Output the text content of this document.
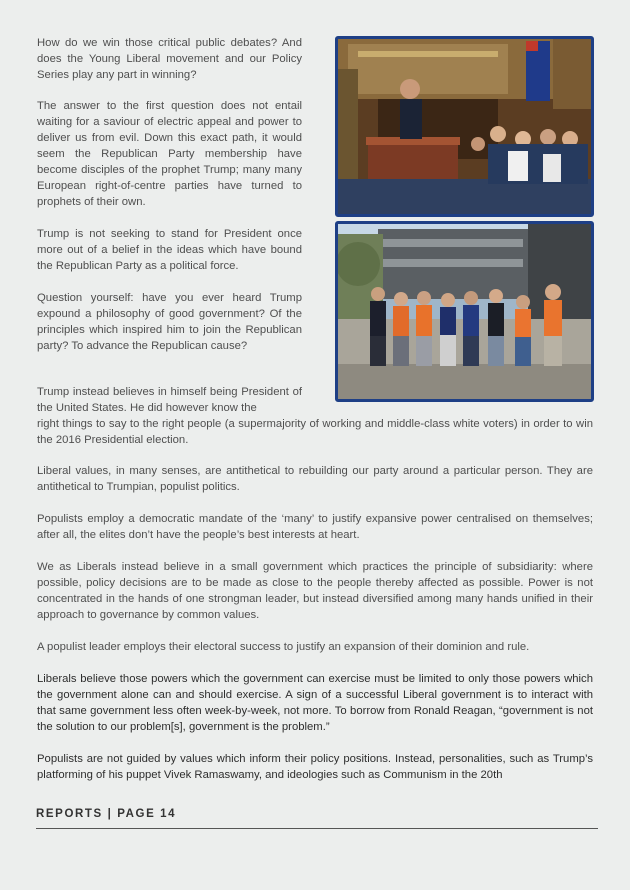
How do we win those critical public debates? And does the Young Liberal movement and our Policy Series play any part in winning?

The answer to the first question does not entail waiting for a saviour of electric appeal and power to deliver us from evil. Down this exact path, it would seem the Republican Party membership have become disciples of the prophet Trump; many many European right-of-centre parties have turned to prophets of their own.

Trump is not seeking to stand for President once more out of a belief in the ideas which have bound the Republican Party as a political force.

Question yourself: have you ever heard Trump expound a philosophy of good government? Of the principles which inspired him to join the Republican party? To advance the Republican cause?

Trump instead believes in himself being President of the United States. He did however know the

right things to say to the right people (a supermajority of working and middle-class white voters) in order to win the 2016 Presidential election.

Liberal values, in many senses, are antithetical to rebuilding our party around a particular person. They are antithetical to Trumpian, populist politics.

Populists employ a democratic mandate of the ‘many’ to justify expansive power centralised on themselves; after all, the elites don’t have the people’s best interests at heart.

We as Liberals instead believe in a small government which practices the principle of subsidiarity: where possible, policy decisions are to be made as close to the people thereby affected as possible. Power is not concentrated in the hands of one strongman leader, but instead diversified among many hands unified in their approach to governance by common values.

A populist leader employs their electoral success to justify an expansion of their dominion and rule.

Liberals believe those powers which the government can exercise must be limited to only those powers which the government alone can and should exercise. A sign of a successful Liberal government is to interact with that same government less often week-by-week, not more. To borrow from Ronald Reagan, “government is not the solution to our problem[s], government is the problem.”

Populists are not guided by values which inform their policy positions. Instead, personalities, such as Trump’s platforming of his puppet Vivek Ramaswamy, and ideologies such as Communism in the 20th

REPORTS | PAGE 14
